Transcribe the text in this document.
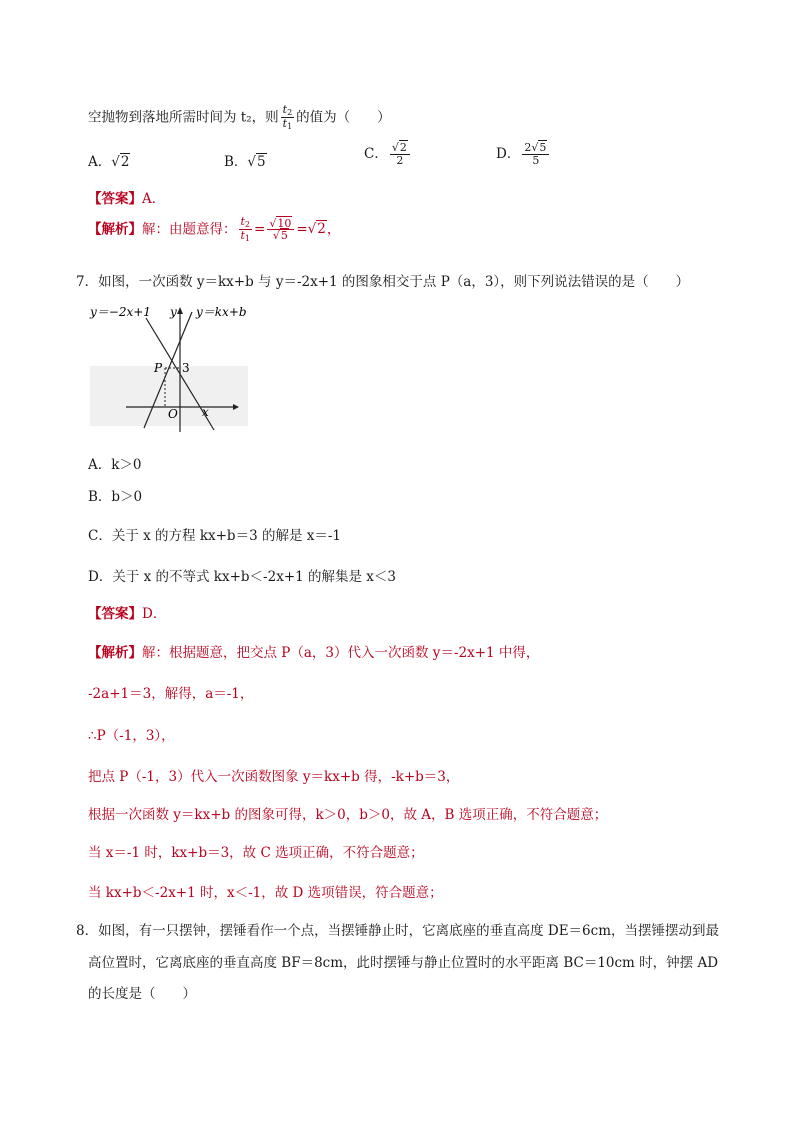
空抛物到落地所需时间为 t₂，则 $\frac{t_2}{t_1}$ 的值为（　　）
A．√2	B．√5	C． $\frac{√2}{2}$	D． $\frac{2√5}{5}$
【答案】A．
【解析】解：由题意得： $\frac{t_2}{t_1} = \frac{√10}{√5} =√2$，
7．如图，一次函数 y＝kx+b 与 y＝-2x+1 的图象相交于点 P（a，3），则下列说法错误的是（　　）
y＝−2x+1	y＝kx+b
y
x
P
O
3
A．k＞0
B．b＞0
C．关于 x 的方程 kx+b＝3 的解是 x＝-1
D．关于 x 的不等式 kx+b＜-2x+1 的解集是 x＜3
【答案】D．
【解析】解：根据题意，把交点 P（a，3）代入一次函数 y＝-2x+1 中得，
-2a+1＝3，解得，a＝-1，
∴P（-1，3），
把点 P（-1，3）代入一次函数图象 y＝kx+b 得，-k+b＝3，
根据一次函数 y＝kx+b 的图象可得，k＞0，b＞0，故 A，B 选项正确，不符合题意；
当 x＝-1 时，kx+b＝3，故 C 选项正确，不符合题意；
当 kx+b＜-2x+1 时，x＜-1，故 D 选项错误，符合题意；
8．如图，有一只摆钟，摆锤看作一个点，当摆锤静止时，它离底座的垂直高度 DE＝6cm，当摆锤摆动到最
高位置时，它离底座的垂直高度 BF＝8cm，此时摆锤与静止位置时的水平距离 BC＝10cm 时，钟摆 AD
的长度是（　　）
